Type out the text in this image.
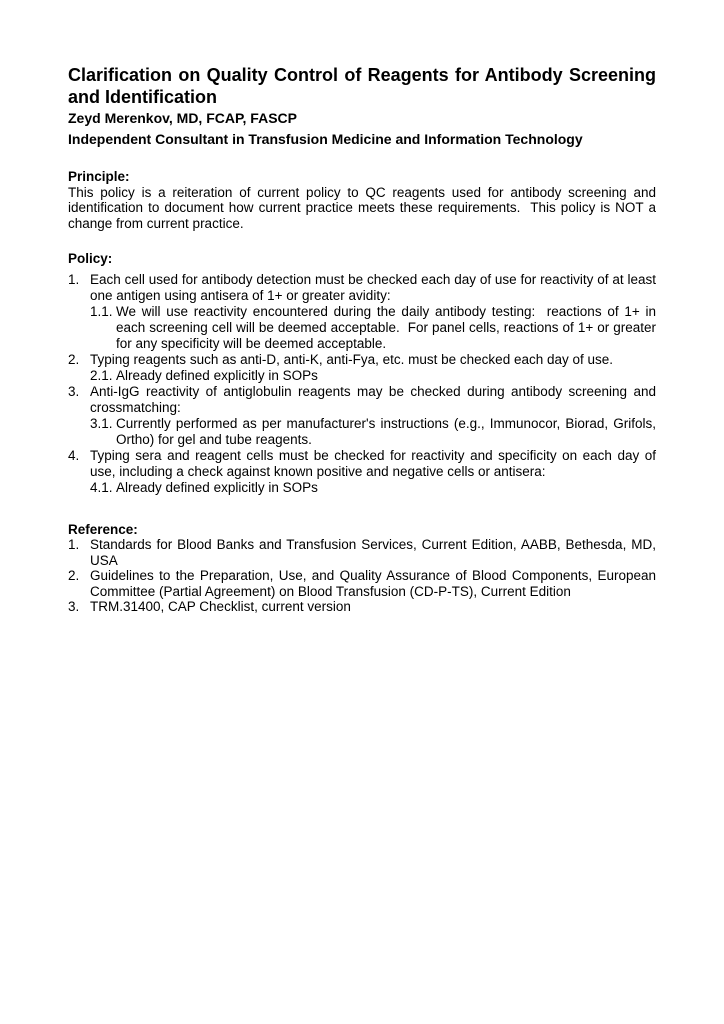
Clarification on Quality Control of Reagents for Antibody Screening and Identification
Zeyd Merenkov, MD, FCAP, FASCP
Independent Consultant in Transfusion Medicine and Information Technology
Principle:
This policy is a reiteration of current policy to QC reagents used for antibody screening and identification to document how current practice meets these requirements.  This policy is NOT a change from current practice.
Policy:
1. Each cell used for antibody detection must be checked each day of use for reactivity of at least one antigen using antisera of 1+ or greater avidity:
1.1. We will use reactivity encountered during the daily antibody testing:  reactions of 1+ in each screening cell will be deemed acceptable.  For panel cells, reactions of 1+ or greater for any specificity will be deemed acceptable.
2. Typing reagents such as anti-D, anti-K, anti-Fya, etc. must be checked each day of use.
2.1. Already defined explicitly in SOPs
3. Anti-IgG reactivity of antiglobulin reagents may be checked during antibody screening and crossmatching:
3.1. Currently performed as per manufacturer's instructions (e.g., Immunocor, Biorad, Grifols, Ortho) for gel and tube reagents.
4. Typing sera and reagent cells must be checked for reactivity and specificity on each day of use, including a check against known positive and negative cells or antisera:
4.1. Already defined explicitly in SOPs
Reference:
1. Standards for Blood Banks and Transfusion Services, Current Edition, AABB, Bethesda, MD, USA
2. Guidelines to the Preparation, Use, and Quality Assurance of Blood Components, European Committee (Partial Agreement) on Blood Transfusion (CD-P-TS), Current Edition
3. TRM.31400, CAP Checklist, current version
